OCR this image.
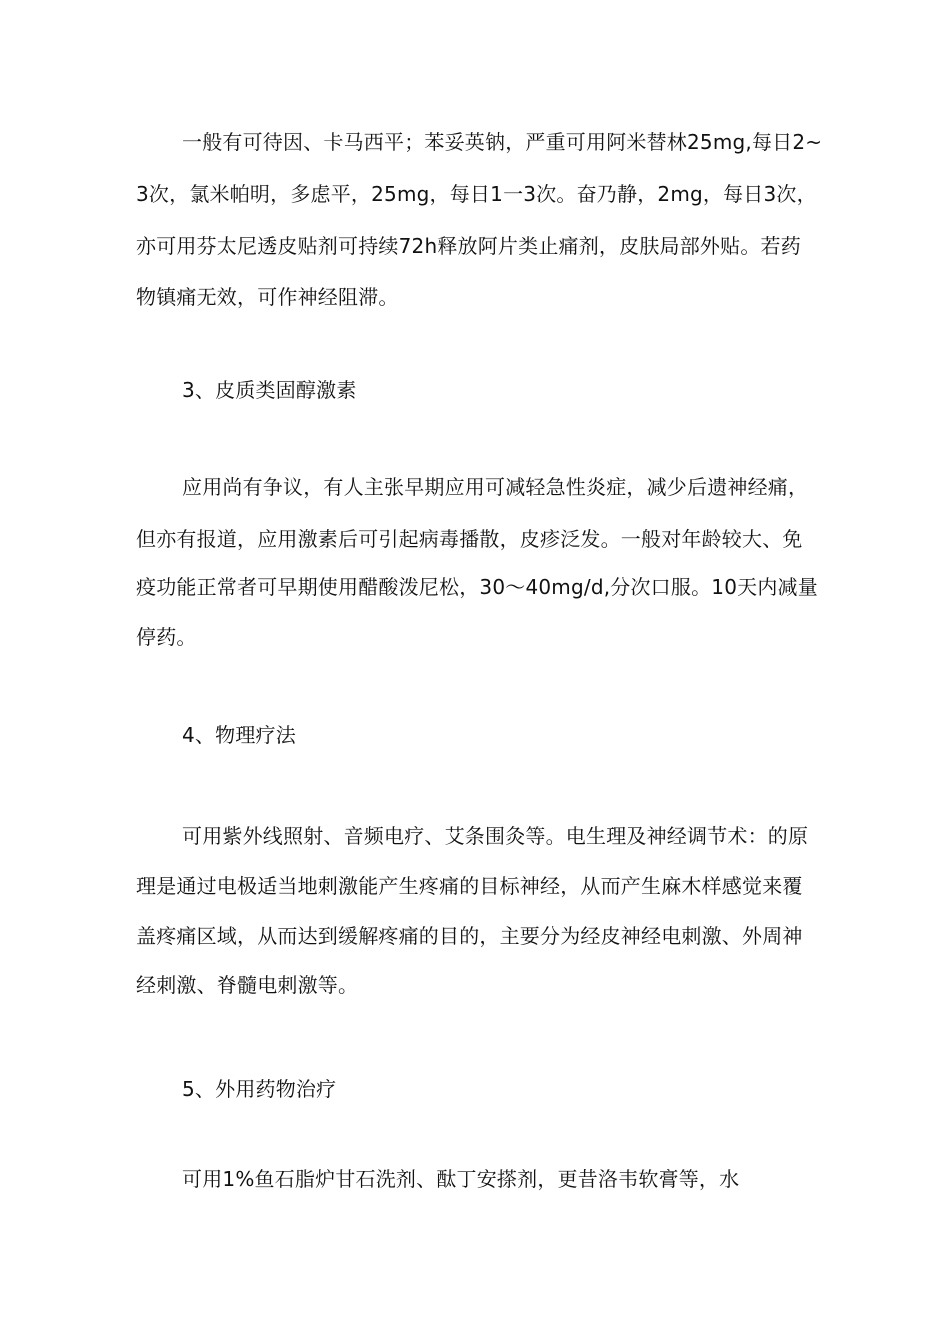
一般有可待因、卡马西平；苯妥英钠，严重可用阿米替林25mg,每日2~
3次，氯米帕明，多虑平，25mg，每日1一3次。奋乃静，2mg，每日3次，
亦可用芬太尼透皮贴剂可持续72h释放阿片类止痛剂，皮肤局部外贴。若药
物镇痛无效，可作神经阻滞。
3、皮质类固醇激素
应用尚有争议，有人主张早期应用可减轻急性炎症，减少后遗神经痛，
但亦有报道，应用激素后可引起病毒播散，皮疹泛发。一般对年龄较大、免
疫功能正常者可早期使用醋酸泼尼松，30〜40mg/d,分次口服。10天内减量
停药。
4、物理疗法
可用紫外线照射、音频电疗、艾条围灸等。电生理及神经调节术：的原
理是通过电极适当地刺激能产生疼痛的目标神经，从而产生麻木样感觉来覆
盖疼痛区域，从而达到缓解疼痛的目的，主要分为经皮神经电刺激、外周神
经刺激、脊髓电刺激等。
5、外用药物治疗
可用1%鱼石脂炉甘石洗剂、酞丁安搽剂，更昔洛韦软膏等，水
